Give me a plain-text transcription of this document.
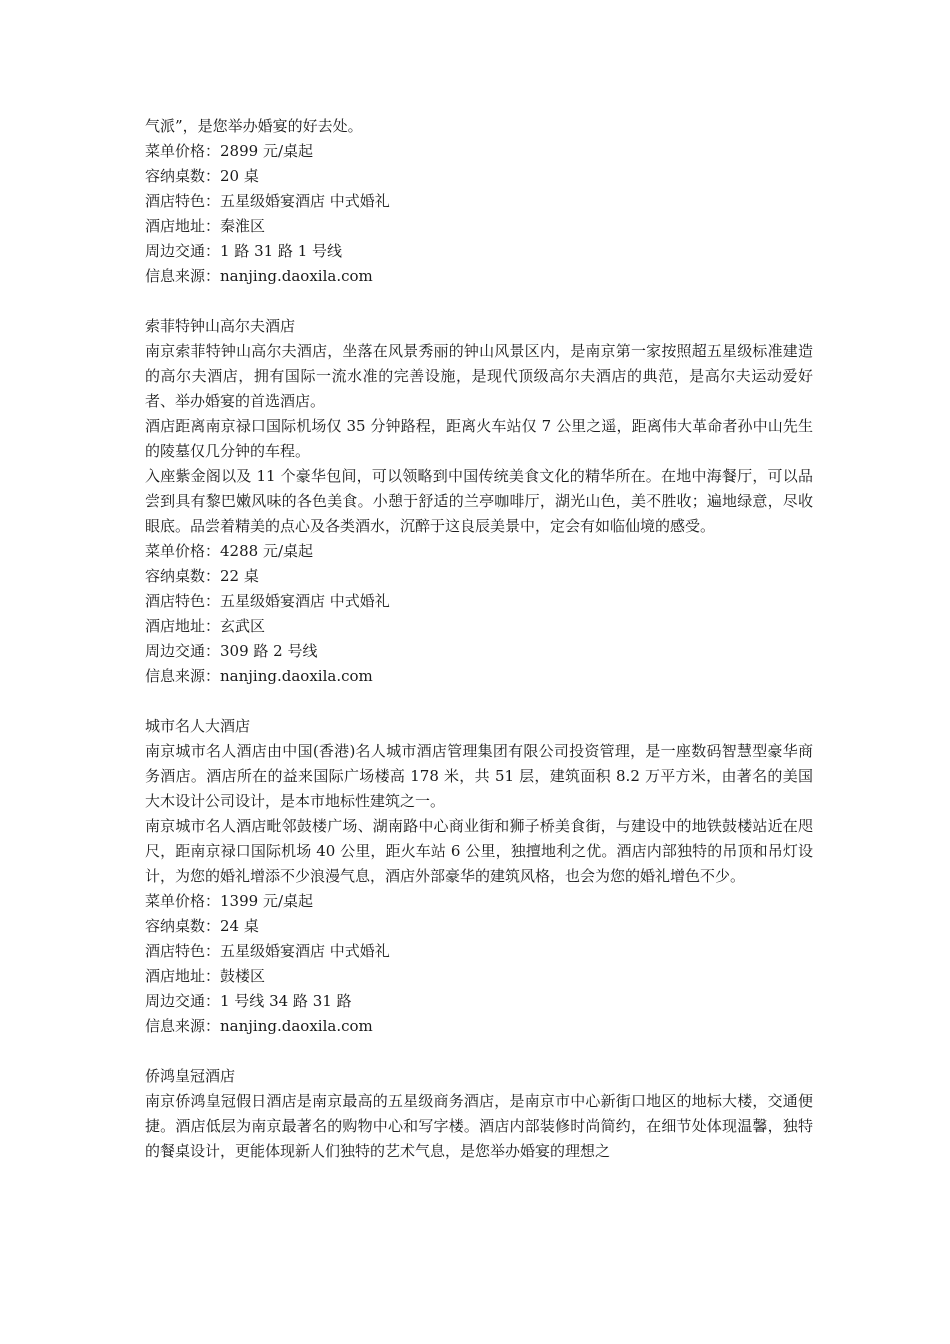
气派”，是您举办婚宴的好去处。

菜单价格：2899 元/桌起

容纳桌数：20 桌

酒店特色：五星级婚宴酒店 中式婚礼

酒店地址：秦淮区

周边交通：1 路 31 路 1 号线

信息来源：nanjing.daoxila.com

索菲特钟山高尔夫酒店

南京索菲特钟山高尔夫酒店，坐落在风景秀丽的钟山风景区内，是南京第一家按照超五星级标准建造的高尔夫酒店，拥有国际一流水准的完善设施，是现代顶级高尔夫酒店的典范，是高尔夫运动爱好者、举办婚宴的首选酒店。

酒店距离南京禄口国际机场仅 35 分钟路程，距离火车站仅 7 公里之遥，距离伟大革命者孙中山先生的陵墓仅几分钟的车程。

入座紫金阁以及 11 个豪华包间，可以领略到中国传统美食文化的精华所在。在地中海餐厅，可以品尝到具有黎巴嫩风味的各色美食。小憩于舒适的兰亭咖啡厅，湖光山色，美不胜收；遍地绿意，尽收眼底。品尝着精美的点心及各类酒水，沉醉于这良辰美景中，定会有如临仙境的感受。

菜单价格：4288 元/桌起

容纳桌数：22 桌

酒店特色：五星级婚宴酒店 中式婚礼

酒店地址：玄武区

周边交通：309 路 2 号线

信息来源：nanjing.daoxila.com

城市名人大酒店

南京城市名人酒店由中国(香港)名人城市酒店管理集团有限公司投资管理，是一座数码智慧型豪华商务酒店。酒店所在的益来国际广场楼高 178 米，共 51 层，建筑面积 8.2 万平方米，由著名的美国大木设计公司设计，是本市地标性建筑之一。

南京城市名人酒店毗邻鼓楼广场、湖南路中心商业街和狮子桥美食街，与建设中的地铁鼓楼站近在咫尺，距南京禄口国际机场 40 公里，距火车站 6 公里，独擅地利之优。酒店内部独特的吊顶和吊灯设计，为您的婚礼增添不少浪漫气息，酒店外部豪华的建筑风格，也会为您的婚礼增色不少。

菜单价格：1399 元/桌起

容纳桌数：24 桌

酒店特色：五星级婚宴酒店 中式婚礼

酒店地址：鼓楼区

周边交通：1 号线 34 路 31 路

信息来源：nanjing.daoxila.com

侨鸿皇冠酒店

南京侨鸿皇冠假日酒店是南京最高的五星级商务酒店，是南京市中心新街口地区的地标大楼，交通便捷。酒店低层为南京最著名的购物中心和写字楼。酒店内部装修时尚简约，在细节处体现温馨，独特的餐桌设计，更能体现新人们独特的艺术气息，是您举办婚宴的理想之
